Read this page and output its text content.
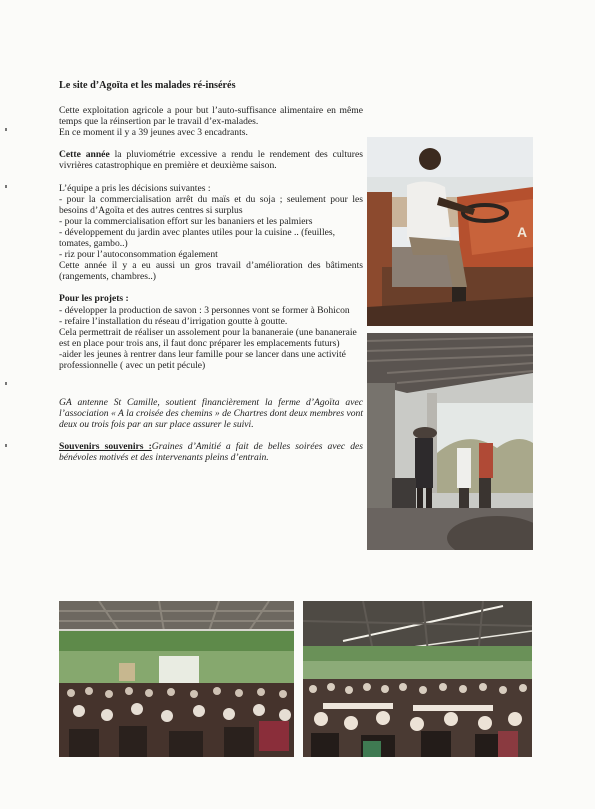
Le site d’Agoïta et les malades ré-insérés

Cette exploitation agricole a pour but l’auto-suffisance alimentaire en même temps que la réinsertion par le travail d’ex-malades.

En ce moment il y a 39 jeunes avec 3 encadrants.

Cette année la pluviométrie excessive a rendu le rendement des cultures vivrières catastrophique en première et deuxième saison.

L’équipe a pris les décisions suivantes :

- pour la commercialisation arrêt du maïs et du soja ; seulement pour les besoins d’Agoïta et des autres centres si surplus

- pour la commercialisation effort sur les bananiers et les palmiers

- développement du jardin avec plantes utiles pour la cuisine .. (feuilles, tomates, gambo..)

- riz pour l’autoconsommation également

Cette année il y a eu aussi un gros travail d’amélioration des bâtiments (rangements, chambres..)

Pour les projets :

- développer la production de savon : 3 personnes vont se former à Bohicon

- refaire l’installation du réseau d’irrigation goutte à goutte.

Cela permettrait de réaliser un assolement pour la bananeraie (une bananeraie est en place pour trois ans, il faut donc préparer les emplacements futurs)

-aider les jeunes à rentrer dans leur famille pour se lancer dans une activité professionnelle ( avec un petit pécule)

GA antenne St Camille, soutient financièrement la ferme d’Agoïta avec l’association « A la croisée des chemins » de Chartres dont deux membres vont deux ou trois fois par an sur place assurer le suivi.

Souvenirs souvenirs :Graines d’Amitié a fait de belles soirées avec des bénévoles motivés et des intervenants pleins d’entrain.

A
